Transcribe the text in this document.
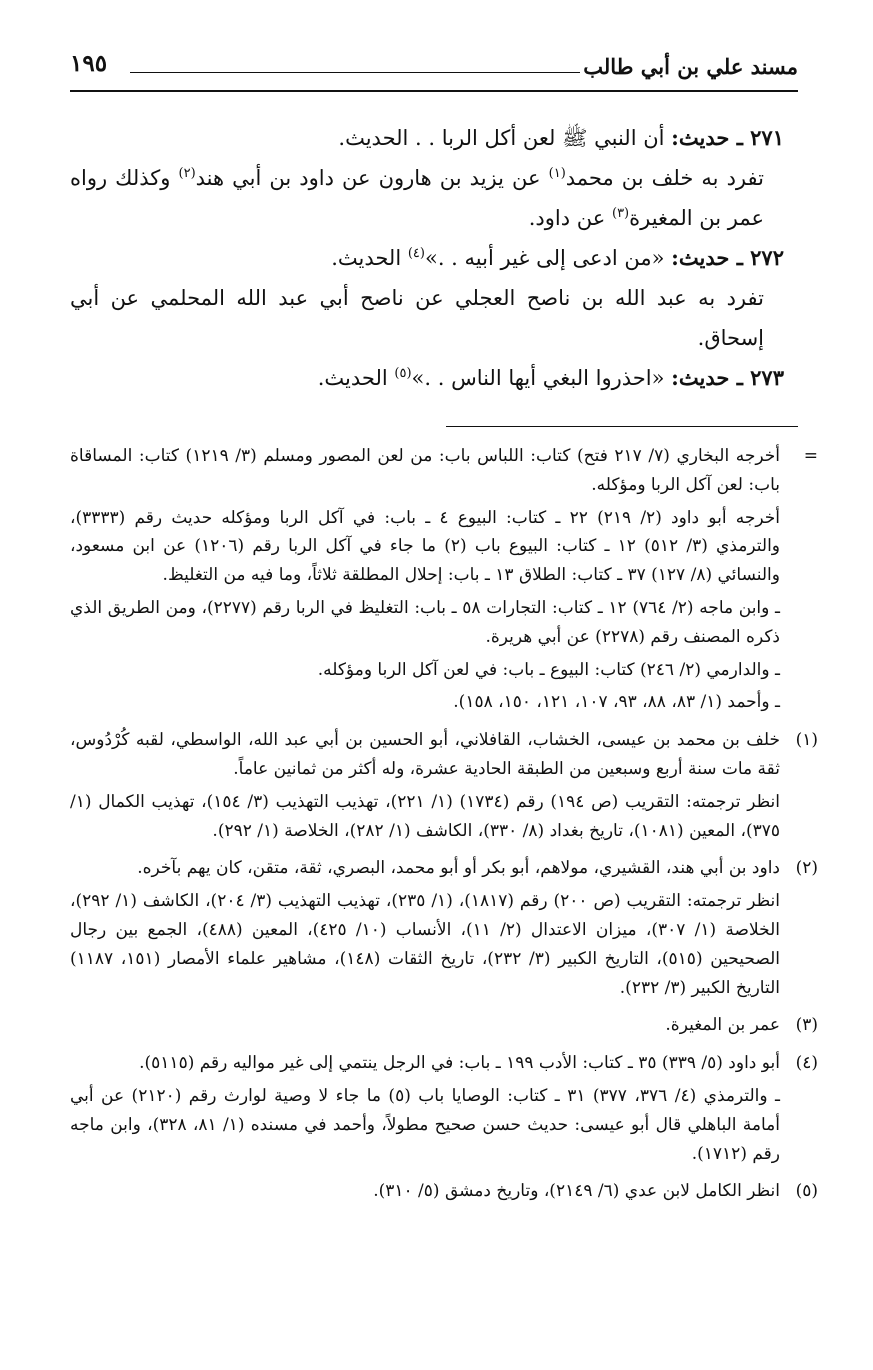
مسند علي بن أبي طالب
١٩٥

٢٧١ ـ حديث: أن النبي ﷺ لعن أكل الربا . . الحديث.

تفرد به خلف بن محمد$^{(١)}$ عن يزيد بن هارون عن داود بن أبي هند$^{(٢)}$ وكذلك رواه عمر بن المغيرة$^{(٣)}$ عن داود.

٢٧٢ ـ حديث: «من ادعى إلى غير أبيه . .»$^{(٤)}$ الحديث.

تفرد به عبد الله بن ناصح العجلي عن ناصح أبي عبد الله المحلمي عن أبي إسحاق.

٢٧٣ ـ حديث: «احذروا البغي أيها الناس . .»$^{(٥)}$ الحديث.

=

أخرجه البخاري (٧/ ٢١٧ فتح) كتاب: اللباس باب: من لعن المصور ومسلم (٣/ ١٢١٩) كتاب: المساقاة باب: لعن آكل الربا ومؤكله.

أخرجه أبو داود (٢/ ٢١٩) ٢٢ ـ كتاب: البيوع ٤ ـ باب: في آكل الربا ومؤكله حديث رقم (٣٣٣٣)، والترمذي (٣/ ٥١٢) ١٢ ـ كتاب: البيوع باب (٢) ما جاء في آكل الربا رقم (١٢٠٦) عن ابن مسعود، والنسائي (٨/ ١٢٧) ٣٧ ـ كتاب: الطلاق ١٣ ـ باب: إحلال المطلقة ثلاثاً، وما فيه من التغليظ.

ـ وابن ماجه (٢/ ٧٦٤) ١٢ ـ كتاب: التجارات ٥٨ ـ باب: التغليظ في الربا رقم (٢٢٧٧)، ومن الطريق الذي ذكره المصنف رقم (٢٢٧٨) عن أبي هريرة.

ـ والدارمي (٢/ ٢٤٦) كتاب: البيوع ـ باب: في لعن آكل الربا ومؤكله.

ـ وأحمد (١/ ٨٣، ٨٨، ٩٣، ١٠٧، ١٢١، ١٥٠، ١٥٨).

(١)

خلف بن محمد بن عيسى، الخشاب، القافلاني، أبو الحسين بن أبي عبد الله، الواسطي، لقبه كُرْدُوس، ثقة مات سنة أربع وسبعين من الطبقة الحادية عشرة، وله أكثر من ثمانين عاماً.

انظر ترجمته: التقريب (ص ١٩٤) رقم (١٧٣٤) (١/ ٢٢١)، تهذيب التهذيب (٣/ ١٥٤)، تهذيب الكمال (١/ ٣٧٥)، المعين (١٠٨١)، تاريخ بغداد (٨/ ٣٣٠)، الكاشف (١/ ٢٨٢)، الخلاصة (١/ ٢٩٢).

(٢)

داود بن أبي هند، القشيري، مولاهم، أبو بكر أو أبو محمد، البصري، ثقة، متقن، كان يهم بآخره.

انظر ترجمته: التقريب (ص ٢٠٠) رقم (١٨١٧)، (١/ ٢٣٥)، تهذيب التهذيب (٣/ ٢٠٤)، الكاشف (١/ ٢٩٢)، الخلاصة (١/ ٣٠٧)، ميزان الاعتدال (٢/ ١١)، الأنساب (١٠/ ٤٢٥)، المعين (٤٨٨)، الجمع بين رجال الصحيحين (٥١٥)، التاريخ الكبير (٣/ ٢٣٢)، تاريخ الثقات (١٤٨)، مشاهير علماء الأمصار (١٥١، ١١٨٧) التاريخ الكبير (٣/ ٢٣٢).

(٣)

عمر بن المغيرة.

(٤)

أبو داود (٥/ ٣٣٩) ٣٥ ـ كتاب: الأدب ١٩٩ ـ باب: في الرجل ينتمي إلى غير مواليه رقم (٥١١٥).

ـ والترمذي (٤/ ٣٧٦، ٣٧٧) ٣١ ـ كتاب: الوصايا باب (٥) ما جاء لا وصية لوارث رقم (٢١٢٠) عن أبي أمامة الباهلي قال أبو عيسى: حديث حسن صحيح مطولاً، وأحمد في مسنده (١/ ٨١، ٣٢٨)، وابن ماجه رقم (١٧١٢).

(٥)

انظر الكامل لابن عدي (٦/ ٢١٤٩)، وتاريخ دمشق (٥/ ٣١٠).
